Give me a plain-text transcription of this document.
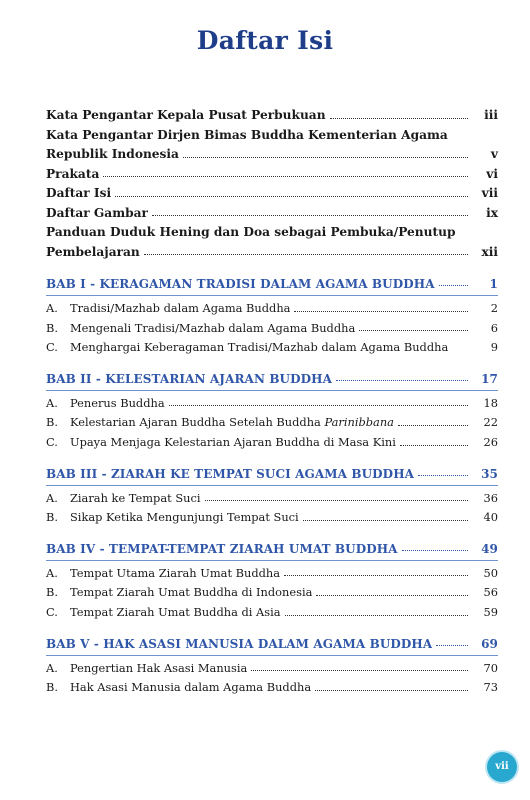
Daftar Isi
Kata Pengantar Kepala Pusat Perbukuan	iii
Kata Pengantar Dirjen Bimas Buddha Kementerian Agama
Republik Indonesia	v
Prakata	vi
Daftar Isi	vii
Daftar Gambar	ix
Panduan Duduk Hening dan Doa sebagai Pembuka/Penutup
Pembelajaran	xii
BAB I - KERAGAMAN TRADISI DALAM AGAMA BUDDHA	1
A.	Tradisi/Mazhab dalam Agama Buddha	2
B.	Mengenali Tradisi/Mazhab dalam Agama Buddha	6
C.	Menghargai Keberagaman Tradisi/Mazhab dalam Agama Buddha	9
BAB II - KELESTARIAN AJARAN BUDDHA	17
A.	Penerus Buddha	18
B.	Kelestarian Ajaran Buddha Setelah Buddha Parinibbana	22
C.	Upaya Menjaga Kelestarian Ajaran Buddha di Masa Kini	26
BAB III - ZIARAH KE TEMPAT SUCI AGAMA BUDDHA	35
A.	Ziarah ke Tempat Suci	36
B.	Sikap Ketika Mengunjungi Tempat Suci	40
BAB IV - TEMPAT-TEMPAT ZIARAH UMAT BUDDHA	49
A.	Tempat Utama Ziarah Umat Buddha	50
B.	Tempat Ziarah Umat Buddha di Indonesia	56
C.	Tempat Ziarah Umat Buddha di Asia	59
BAB V - HAK ASASI MANUSIA DALAM AGAMA BUDDHA	69
A.	Pengertian Hak Asasi Manusia	70
B.	Hak Asasi Manusia dalam Agama Buddha	73
vii
